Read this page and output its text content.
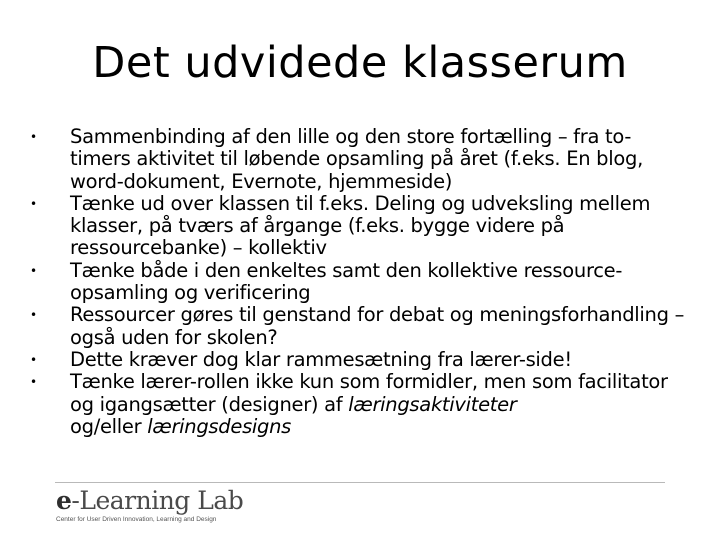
Det udvidede klasserum
•	Sammenbinding af den lille og den store fortælling – fra to-timers aktivitet til løbende opsamling på året (f.eks. En blog, word-dokument, Evernote, hjemmeside)
•	Tænke ud over klassen til f.eks. Deling og udveksling mellem klasser, på tværs af årgange (f.eks. bygge videre på ressourcebanke) – kollektiv
•	Tænke både i den enkeltes samt den kollektive ressource-opsamling og verificering
•	Ressourcer gøres til genstand for debat og meningsforhandling – også uden for skolen?
•	Dette kræver dog klar rammesætning fra lærer-side!
•	Tænke lærer-rollen ikke kun som formidler, men som facilitator og igangsætter (designer) af læringsaktiviteter
og/eller læringsdesigns
e-Learning Lab
Center for User Driven Innovation, Learning and Design
